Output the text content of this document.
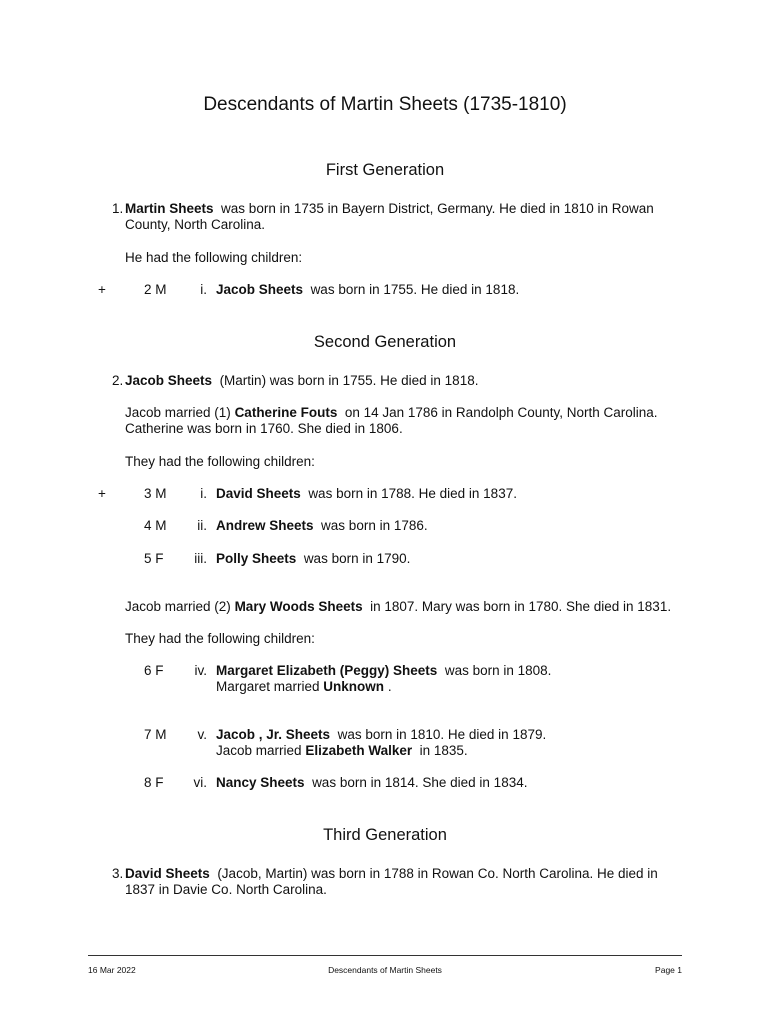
Descendants of Martin Sheets (1735-1810)
First Generation
1. Martin Sheets was born in 1735 in Bayern District, Germany. He died in 1810 in Rowan
County, North Carolina.
He had the following children:
+	2 M	i. Jacob Sheets was born in 1755. He died in 1818.
Second Generation
2. Jacob Sheets (Martin) was born in 1755. He died in 1818.
Jacob married (1) Catherine Fouts on 14 Jan 1786 in Randolph County, North Carolina.
Catherine was born in 1760. She died in 1806.
They had the following children:
+	3 M	i. David Sheets was born in 1788. He died in 1837.
4 M	ii. Andrew Sheets was born in 1786.
5 F	iii. Polly Sheets was born in 1790.
Jacob married (2) Mary Woods Sheets in 1807. Mary was born in 1780. She died in 1831.
They had the following children:
6 F	iv. Margaret Elizabeth (Peggy) Sheets was born in 1808.
Margaret married Unknown .
7 M	v. Jacob , Jr. Sheets was born in 1810. He died in 1879.
Jacob married Elizabeth Walker in 1835.
8 F	vi. Nancy Sheets was born in 1814. She died in 1834.
Third Generation
3. David Sheets (Jacob, Martin) was born in 1788 in Rowan Co. North Carolina. He died in
1837 in Davie Co. North Carolina.
16 Mar 2022	Descendants of Martin Sheets	Page 1
